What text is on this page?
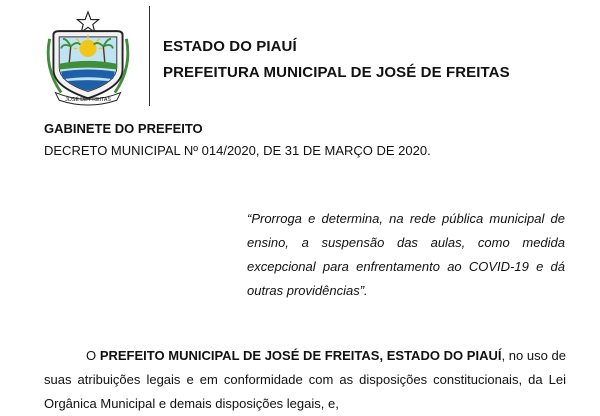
JOSÉ DE FREITAS
ESTADO DO PIAUÍ
PREFEITURA MUNICIPAL DE JOSÉ DE FREITAS
GABINETE DO PREFEITO
DECRETO MUNICIPAL Nº 014/2020, DE 31 DE MARÇO DE 2020.
“Prorroga e determina, na rede pública municipal de ensino, a suspensão das aulas, como medida excepcional para enfrentamento ao COVID-19 e dá outras providências”.
O PREFEITO MUNICIPAL DE JOSÉ DE FREITAS, ESTADO DO PIAUÍ, no uso de suas atribuições legais e em conformidade com as disposições constitucionais, da Lei Orgânica Municipal e demais disposições legais, e,
